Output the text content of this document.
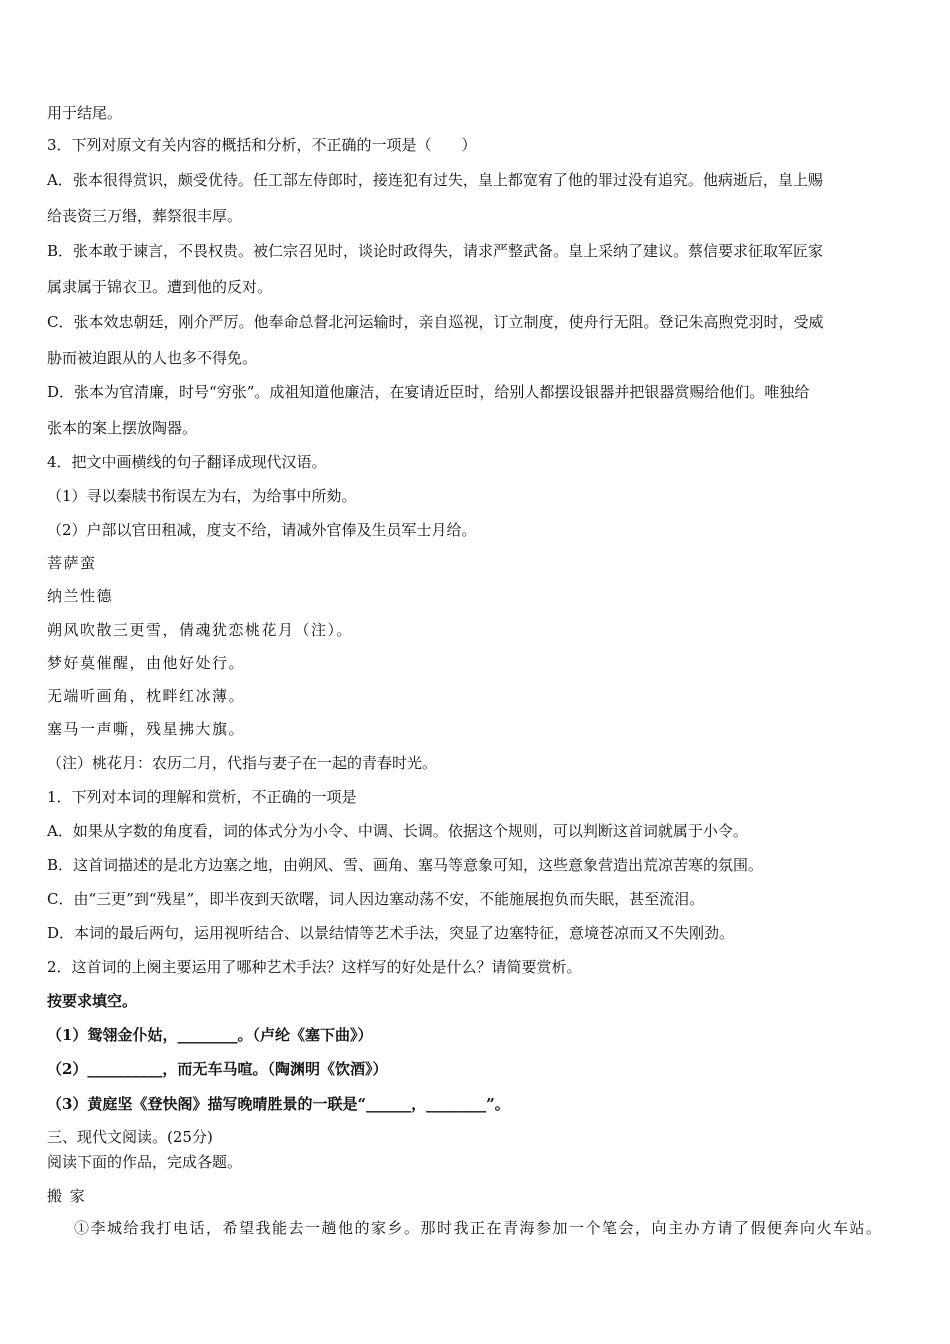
用于结尾。
3．下列对原文有关内容的概括和分析，不正确的一项是（　　）
A．张本很得赏识，颇受优待。任工部左侍郎时，接连犯有过失，皇上都宽宥了他的罪过没有追究。他病逝后，皇上赐
给丧资三万缗，葬祭很丰厚。
B．张本敢于谏言，不畏权贵。被仁宗召见时，谈论时政得失，请求严整武备。皇上采纳了建议。蔡信要求征取军匠家
属隶属于锦衣卫。遭到他的反对。
C．张本效忠朝廷，刚介严厉。他奉命总督北河运输时，亲自巡视，订立制度，使舟行无阻。登记朱高煦党羽时，受威
胁而被迫跟从的人也多不得免。
D．张本为官清廉，时号“穷张”。成祖知道他廉洁，在宴请近臣时，给别人都摆设银器并把银器赏赐给他们。唯独给
张本的案上摆放陶器。
4．把文中画横线的句子翻译成现代汉语。
（1）寻以秦牍书衔误左为右，为给事中所劾。
（2）户部以官田租减，度支不给，请减外官俸及生员军士月给。
菩萨蛮
纳兰性德
朔风吹散三更雪，倩魂犹恋桃花月（注）。
梦好莫催醒，由他好处行。
无端听画角，枕畔红冰薄。
塞马一声嘶，残星拂大旗。
（注）桃花月：农历二月，代指与妻子在一起的青春时光。
1．下列对本词的理解和赏析，不正确的一项是
A．如果从字数的角度看，词的体式分为小令、中调、长调。依据这个规则，可以判断这首词就属于小令。
B．这首词描述的是北方边塞之地，由朔风、雪、画角、塞马等意象可知，这些意象营造出荒凉苦寒的氛围。
C．由“三更”到“残星”，即半夜到天欲曙，词人因边塞动荡不安，不能施展抱负而失眠，甚至流泪。
D．本词的最后两句，运用视听结合、以景结情等艺术手法，突显了边塞特征，意境苍凉而又不失刚劲。
2．这首词的上阕主要运用了哪种艺术手法？这样写的好处是什么？请简要赏析。
按要求填空。
（1）鸳翎金仆姑，________。（卢纶《塞下曲》）
（2）__________，而无车马喧。（陶渊明《饮酒》）
（3）黄庭坚《登快阁》描写晚晴胜景的一联是“______，________”。
三、现代文阅读。(25分)
阅读下面的作品，完成各题。
搬 家
①李城给我打电话，希望我能去一趟他的家乡。那时我正在青海参加一个笔会，向主办方请了假便奔向火车站。
